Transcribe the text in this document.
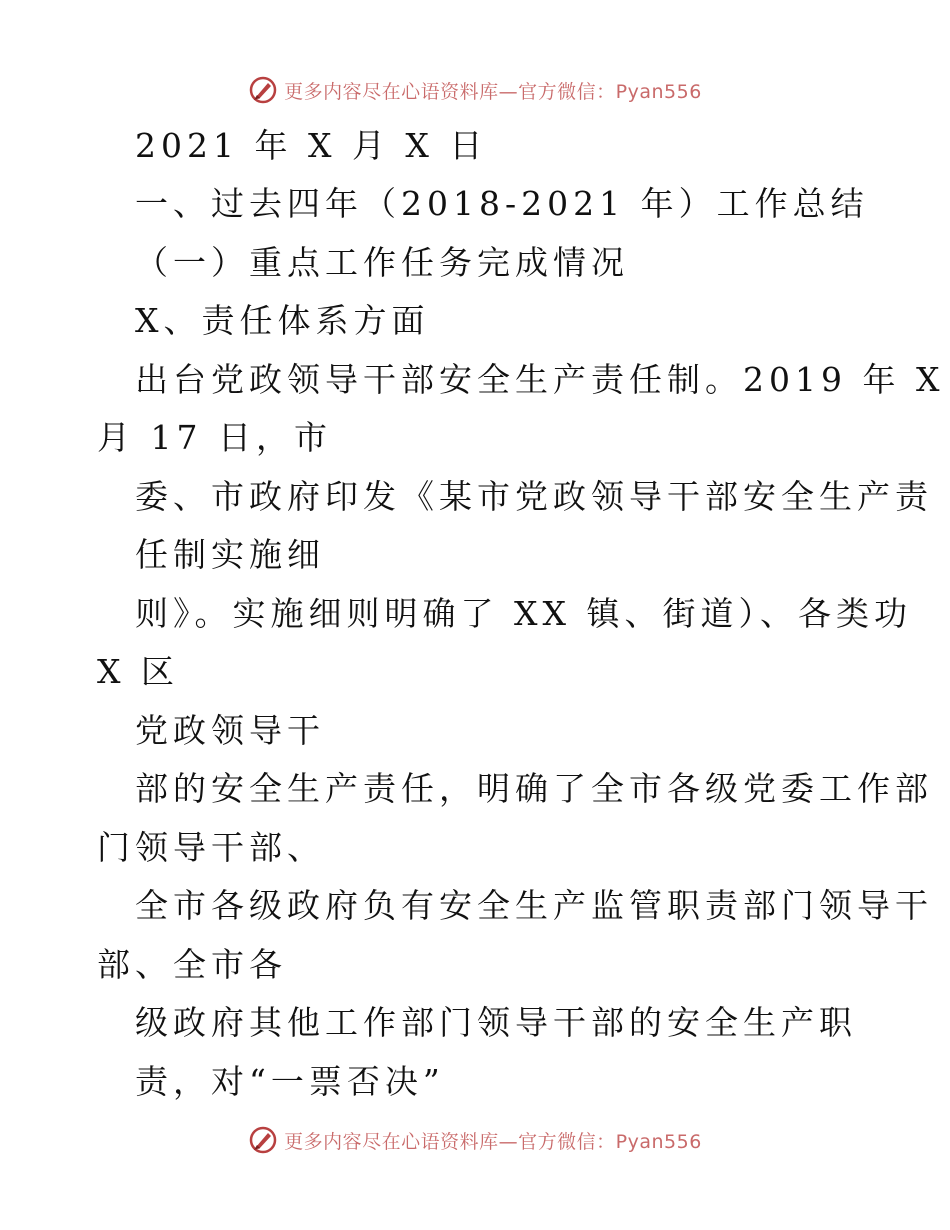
更多内容尽在心语资料库—官方微信：Pyan556
2021 年 X 月 X 日
一、过去四年（2018-2021 年）工作总结
（一）重点工作任务完成情况
X、责任体系方面
出台党政领导干部安全生产责任制。2019 年 X
月 17 日，市
委、市政府印发《某市党政领导干部安全生产责
任制实施细
则》。实施细则明确了 XX 镇、街道）、各类功
X 区
党政领导干
部的安全生产责任，明确了全市各级党委工作部
门领导干部、
全市各级政府负有安全生产监管职责部门领导干
部、全市各
级政府其他工作部门领导干部的安全生产职
责，对“一票否决”
更多内容尽在心语资料库—官方微信：Pyan556
